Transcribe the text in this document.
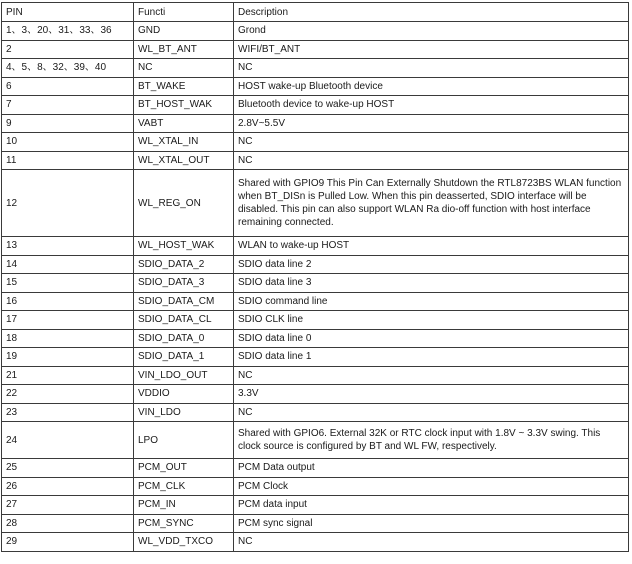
PIN	Functi	Description
1、3、20、31、33、36	GND	Grond
2	WL_BT_ANT	WIFI/BT_ANT
4、5、8、32、39、40	NC	NC
6	BT_WAKE	HOST wake-up Bluetooth device
7	BT_HOST_WAK	Bluetooth device to wake-up HOST
9	VABT	2.8V~5.5V
10	WL_XTAL_IN	NC
11	WL_XTAL_OUT	NC
12	WL_REG_ON	Shared with GPIO9 This Pin Can Externally Shutdown the RTL8723BS WLAN function when BT_DISn is Pulled Low. When this pin deasserted, SDIO interface will be disabled. This pin can also support WLAN Ra dio-off function with host interface remaining connected.
13	WL_HOST_WAK	WLAN to wake-up HOST
14	SDIO_DATA_2	SDIO data line 2
15	SDIO_DATA_3	SDIO data line 3
16	SDIO_DATA_CM	SDIO command line
17	SDIO_DATA_CL	SDIO CLK line
18	SDIO_DATA_0	SDIO data line 0
19	SDIO_DATA_1	SDIO data line 1
21	VIN_LDO_OUT	NC
22	VDDIO	3.3V
23	VIN_LDO	NC
24	LPO	Shared with GPIO6. External 32K or RTC clock input with 1.8V ~ 3.3V swing. This clock source is configured by BT and WL FW, respectively.
25	PCM_OUT	PCM Data output
26	PCM_CLK	PCM Clock
27	PCM_IN	PCM data input
28	PCM_SYNC	PCM sync signal
29	WL_VDD_TXCO	NC
